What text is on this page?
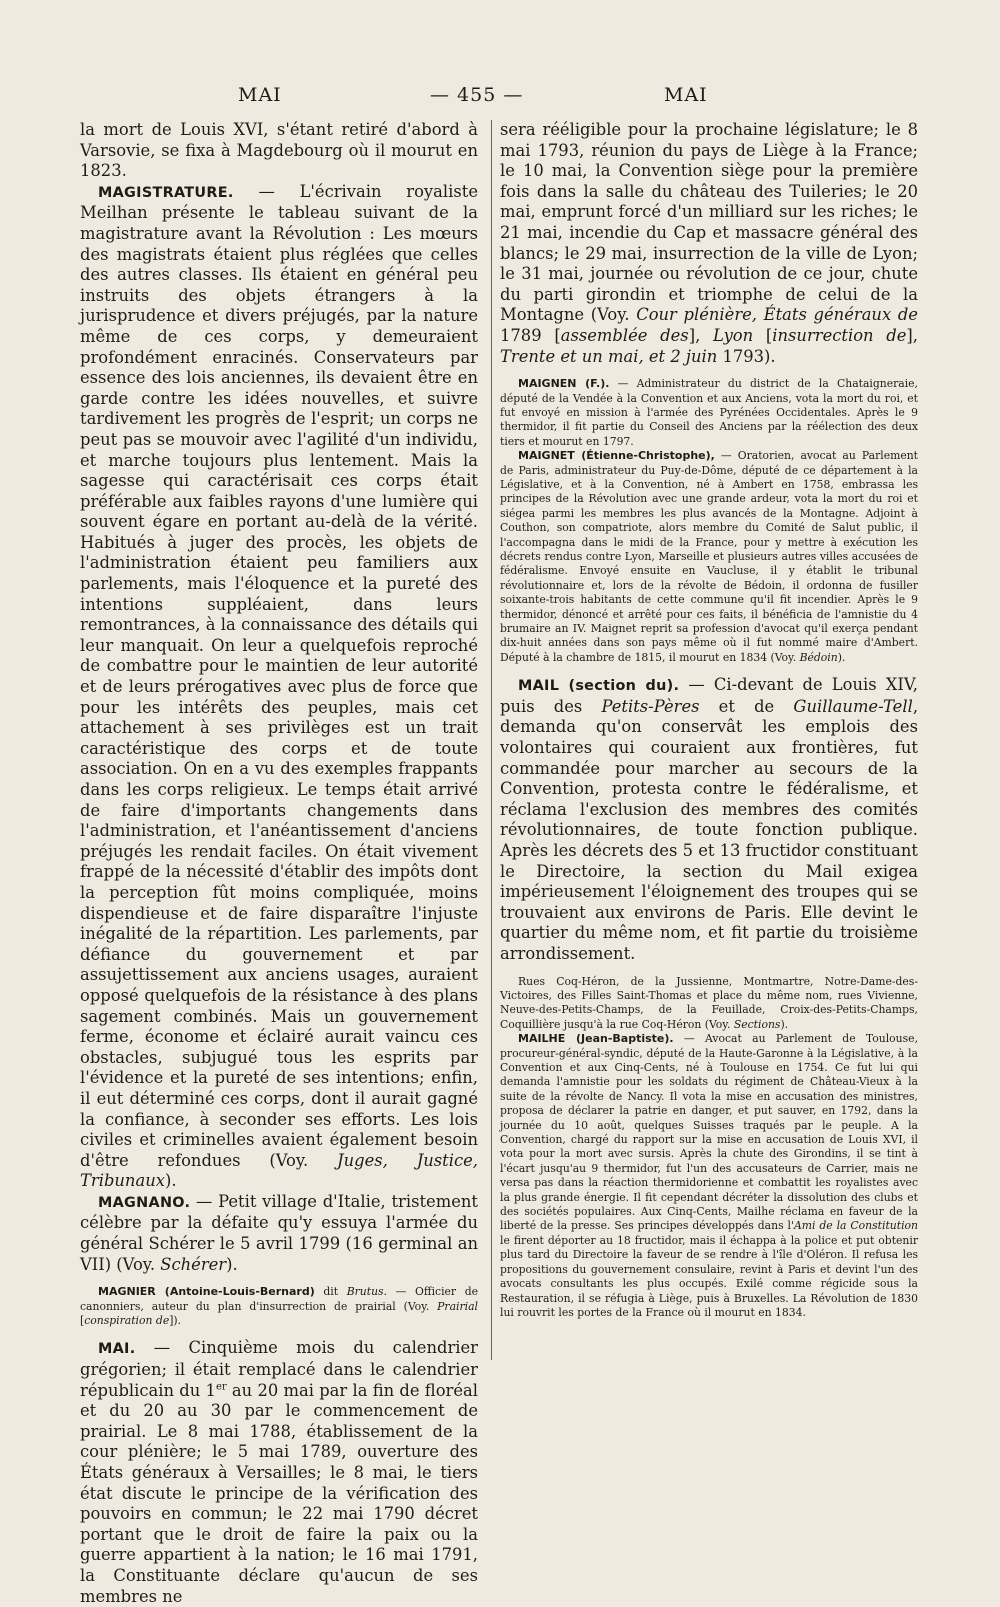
MAI	— 455 —	MAI

la mort de Louis XVI, s'étant retiré d'abord à Varsovie, se fixa à Magdebourg où il mourut en 1823.

MAGISTRATURE. — L'écrivain royaliste Meilhan présente le tableau suivant de la magistrature avant la Révolution : Les mœurs des magistrats étaient plus réglées que celles des autres classes. Ils étaient en général peu instruits des objets étrangers à la jurisprudence et divers préjugés, par la nature même de ces corps, y demeuraient profondément enracinés. Conservateurs par essence des lois anciennes, ils devaient être en garde contre les idées nouvelles, et suivre tardivement les progrès de l'esprit; un corps ne peut pas se mouvoir avec l'agilité d'un individu, et marche toujours plus lentement. Mais la sagesse qui caractérisait ces corps était préférable aux faibles rayons d'une lumière qui souvent égare en portant au-delà de la vérité. Habitués à juger des procès, les objets de l'administration étaient peu familiers aux parlements, mais l'éloquence et la pureté des intentions suppléaient, dans leurs remontrances, à la connaissance des détails qui leur manquait. On leur a quelquefois reproché de combattre pour le maintien de leur autorité et de leurs prérogatives avec plus de force que pour les intérêts des peuples, mais cet attachement à ses privilèges est un trait caractéristique des corps et de toute association. On en a vu des exemples frappants dans les corps religieux. Le temps était arrivé de faire d'importants changements dans l'administration, et l'anéantissement d'anciens préjugés les rendait faciles. On était vivement frappé de la nécessité d'établir des impôts dont la perception fût moins compliquée, moins dispendieuse et de faire disparaître l'injuste inégalité de la répartition. Les parlements, par défiance du gouvernement et par assujettissement aux anciens usages, auraient opposé quelquefois de la résistance à des plans sagement combinés. Mais un gouvernement ferme, économe et éclairé aurait vaincu ces obstacles, subjugué tous les esprits par l'évidence et la pureté de ses intentions; enfin, il eut déterminé ces corps, dont il aurait gagné la confiance, à seconder ses efforts. Les lois civiles et criminelles avaient également besoin d'être refondues (Voy. Juges, Justice, Tribunaux).

MAGNANO. — Petit village d'Italie, tristement célèbre par la défaite qu'y essuya l'armée du général Schérer le 5 avril 1799 (16 germinal an VII) (Voy. Schérer).

MAGNIER (Antoine-Louis-Bernard) dit Brutus. — Officier de canonniers, auteur du plan d'insurrection de prairial (Voy. Prairial [conspiration de]).

MAI. — Cinquième mois du calendrier grégorien; il était remplacé dans le calendrier républicain du 1er au 20 mai par la fin de floréal et du 20 au 30 par le commencement de prairial. Le 8 mai 1788, établissement de la cour plénière; le 5 mai 1789, ouverture des États généraux à Versailles; le 8 mai, le tiers état discute le principe de la vérification des pouvoirs en commun; le 22 mai 1790 décret portant que le droit de faire la paix ou la guerre appartient à la nation; le 16 mai 1791, la Constituante déclare qu'aucun de ses membres ne

sera rééligible pour la prochaine législature; le 8 mai 1793, réunion du pays de Liège à la France; le 10 mai, la Convention siège pour la première fois dans la salle du château des Tuileries; le 20 mai, emprunt forcé d'un milliard sur les riches; le 21 mai, incendie du Cap et massacre général des blancs; le 29 mai, insurrection de la ville de Lyon; le 31 mai, journée ou révolution de ce jour, chute du parti girondin et triomphe de celui de la Montagne (Voy. Cour plénière, États généraux de 1789 [assemblée des], Lyon [insurrection de], Trente et un mai, et 2 juin 1793).

MAIGNEN (F.). — Administrateur du district de la Chataigneraie, député de la Vendée à la Convention et aux Anciens, vota la mort du roi, et fut envoyé en mission à l'armée des Pyrénées Occidentales. Après le 9 thermidor, il fit partie du Conseil des Anciens par la réélection des deux tiers et mourut en 1797.

MAIGNET (Étienne-Christophe), — Oratorien, avocat au Parlement de Paris, administrateur du Puy-de-Dôme, député de ce département à la Législative, et à la Convention, né à Ambert en 1758, embrassa les principes de la Révolution avec une grande ardeur, vota la mort du roi et siégea parmi les membres les plus avancés de la Montagne. Adjoint à Couthon, son compatriote, alors membre du Comité de Salut public, il l'accompagna dans le midi de la France, pour y mettre à exécution les décrets rendus contre Lyon, Marseille et plusieurs autres villes accusées de fédéralisme. Envoyé ensuite en Vaucluse, il y établit le tribunal révolutionnaire et, lors de la révolte de Bédoin, il ordonna de fusiller soixante-trois habitants de cette commune qu'il fit incendier. Après le 9 thermidor, dénoncé et arrêté pour ces faits, il bénéficia de l'amnistie du 4 brumaire an IV. Maignet reprit sa profession d'avocat qu'il exerça pendant dix-huit années dans son pays même où il fut nommé maire d'Ambert. Député à la chambre de 1815, il mourut en 1834 (Voy. Bédoin).

MAIL (section du). — Ci-devant de Louis XIV, puis des Petits-Pères et de Guillaume-Tell, demanda qu'on conservât les emplois des volontaires qui couraient aux frontières, fut commandée pour marcher au secours de la Convention, protesta contre le fédéralisme, et réclama l'exclusion des membres des comités révolutionnaires, de toute fonction publique. Après les décrets des 5 et 13 fructidor constituant le Directoire, la section du Mail exigea impérieusement l'éloignement des troupes qui se trouvaient aux environs de Paris. Elle devint le quartier du même nom, et fit partie du troisième arrondissement.

Rues Coq-Héron, de la Jussienne, Montmartre, Notre-Dame-des-Victoires, des Filles Saint-Thomas et place du même nom, rues Vivienne, Neuve-des-Petits-Champs, de la Feuillade, Croix-des-Petits-Champs, Coquillière jusqu'à la rue Coq-Héron (Voy. Sections).

MAILHE (Jean-Baptiste). — Avocat au Parlement de Toulouse, procureur-général-syndic, député de la Haute-Garonne à la Législative, à la Convention et aux Cinq-Cents, né à Toulouse en 1754. Ce fut lui qui demanda l'amnistie pour les soldats du régiment de Château-Vieux à la suite de la révolte de Nancy. Il vota la mise en accusation des ministres, proposa de déclarer la patrie en danger, et put sauver, en 1792, dans la journée du 10 août, quelques Suisses traqués par le peuple. A la Convention, chargé du rapport sur la mise en accusation de Louis XVI, il vota pour la mort avec sursis. Après la chute des Girondins, il se tint à l'écart jusqu'au 9 thermidor, fut l'un des accusateurs de Carrier, mais ne versa pas dans la réaction thermidorienne et combattit les royalistes avec la plus grande énergie. Il fit cependant décréter la dissolution des clubs et des sociétés populaires. Aux Cinq-Cents, Mailhe réclama en faveur de la liberté de la presse. Ses principes développés dans l'Ami de la Constitution le firent déporter au 18 fructidor, mais il échappa à la police et put obtenir plus tard du Directoire la faveur de se rendre à l'île d'Oléron. Il refusa les propositions du gouvernement consulaire, revint à Paris et devint l'un des avocats consultants les plus occupés. Exilé comme régicide sous la Restauration, il se réfugia à Liège, puis à Bruxelles. La Révolution de 1830 lui rouvrit les portes de la France où il mourut en 1834.
